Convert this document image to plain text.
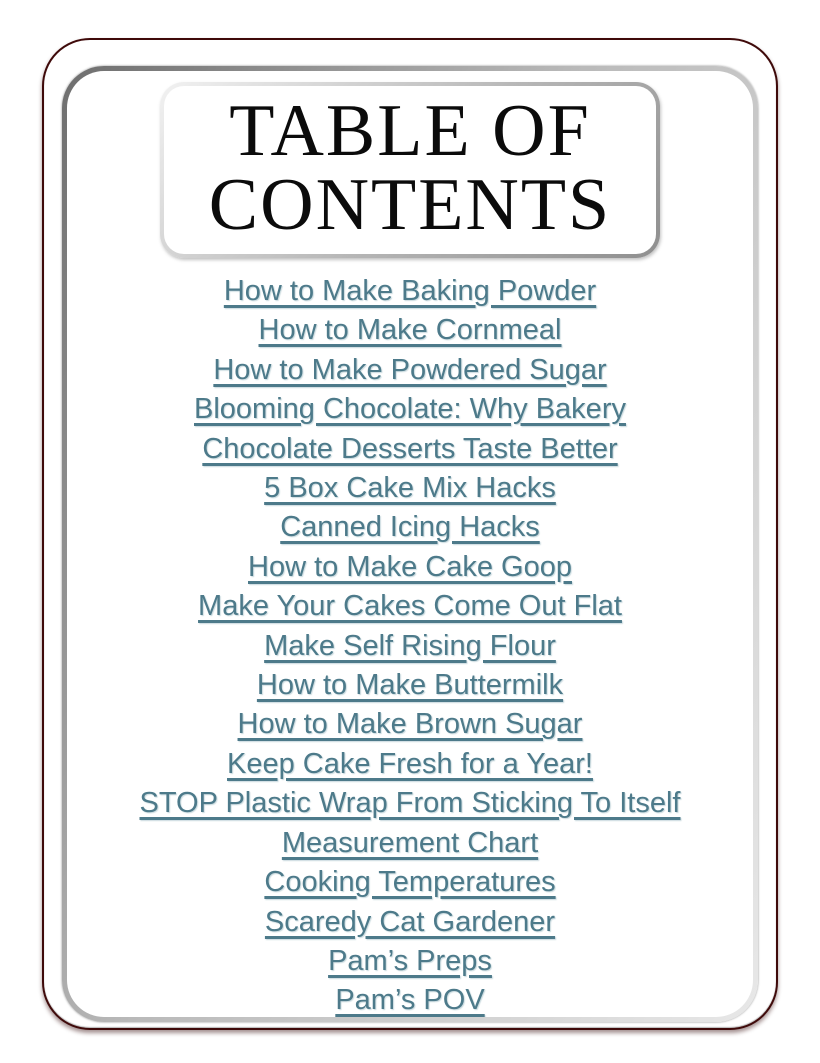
TABLE OF
CONTENTS
How to Make Baking Powder
How to Make Cornmeal
How to Make Powdered Sugar
Blooming Chocolate: Why Bakery
Chocolate Desserts Taste Better
5 Box Cake Mix Hacks
Canned Icing Hacks
How to Make Cake Goop
Make Your Cakes Come Out Flat
Make Self Rising Flour
How to Make Buttermilk
How to Make Brown Sugar
Keep Cake Fresh for a Year!
STOP Plastic Wrap From Sticking To Itself
Measurement Chart
Cooking Temperatures
Scaredy Cat Gardener
Pam’s Preps
Pam’s POV
